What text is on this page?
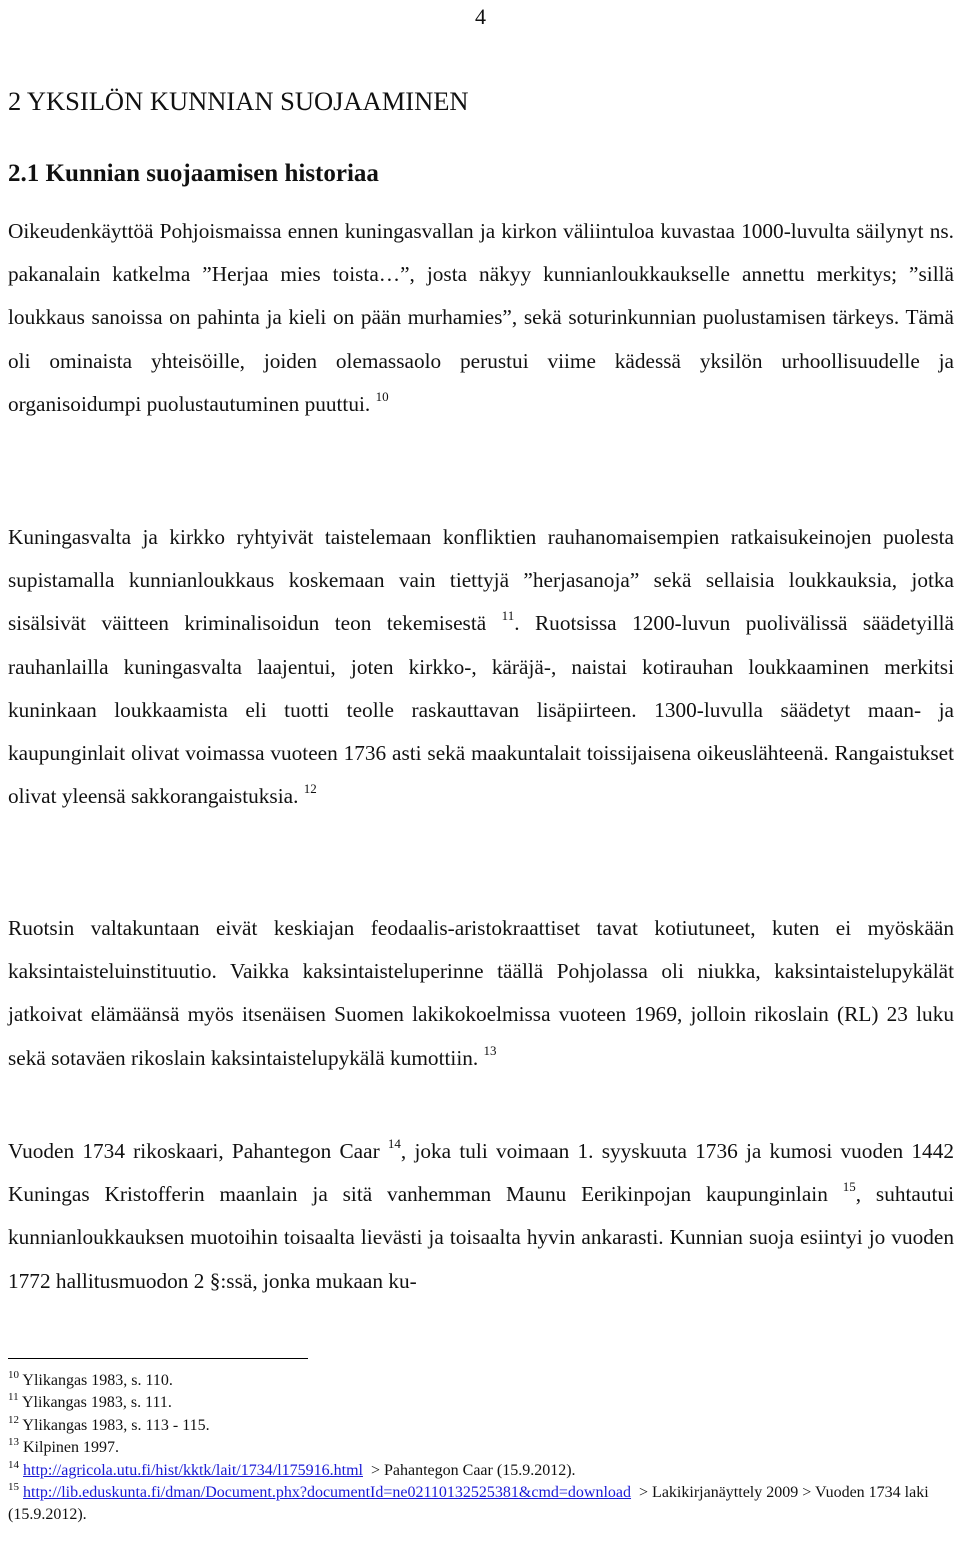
4
2 YKSILÖN KUNNIAN SUOJAAMINEN
2.1 Kunnian suojaamisen historiaa

Oikeudenkäyttöä Pohjoismaissa ennen kuningasvallan ja kirkon väliintuloa kuvastaa 1000-luvulta säilynyt ns. pakanalain katkelma ”Herjaa mies toista…”, josta näkyy kunnianloukkaukselle annettu merkitys; ”sillä loukkaus sanoissa on pahinta ja kieli on pään murhamies”, sekä soturinkunnian puolustamisen tärkeys. Tämä oli ominaista yhteisöille, joiden olemassaolo perustui viime kädessä yksilön urhoollisuudelle ja organisoidumpi puolustautuminen puuttui. $^{10}$

Kuningasvalta ja kirkko ryhtyivät taistelemaan konfliktien rauhanomaisempien ratkaisukeinojen puolesta supistamalla kunnianloukkaus koskemaan vain tiettyjä ”herjasanoja” sekä sellaisia loukkauksia, jotka sisälsivät väitteen kriminalisoidun teon tekemisestä $^{11}$. Ruotsissa 1200-luvun puolivälissä säädetyillä rauhanlailla kuningasvalta laajentui, joten kirkko-, käräjä-, naistai kotirauhan loukkaaminen merkitsi kuninkaan loukkaamista eli tuotti teolle raskauttavan lisäpiirteen. 1300-luvulla säädetyt maan- ja kaupunginlait olivat voimassa vuoteen 1736 asti sekä maakuntalait toissijaisena oikeuslähteenä. Rangaistukset olivat yleensä sakkorangaistuksia. $^{12}$

Ruotsin valtakuntaan eivät keskiajan feodaalis-aristokraattiset tavat kotiutuneet, kuten ei myöskään kaksintaisteluinstituutio. Vaikka kaksintaisteluperinne täällä Pohjolassa oli niukka, kaksintaistelupykälät jatkoivat elämäänsä myös itsenäisen Suomen lakikokoelmissa vuoteen 1969, jolloin rikoslain (RL) 23 luku sekä sotaväen rikoslain kaksintaistelupykälä kumottiin. $^{13}$

Vuoden 1734 rikoskaari, Pahantegon Caar $^{14}$, joka tuli voimaan 1. syyskuuta 1736 ja kumosi vuoden 1442 Kuningas Kristofferin maanlain ja sitä vanhemman Maunu Eerikinpojan kaupunginlain $^{15}$, suhtautui kunnianloukkauksen muotoihin toisaalta lievästi ja toisaalta hyvin ankarasti. Kunnian suoja esiintyi jo vuoden 1772 hallitusmuodon 2 §:ssä, jonka mukaan ku-

$^{10}$ Ylikangas 1983, s. 110.
$^{11}$ Ylikangas 1983, s. 111.
$^{12}$ Ylikangas 1983, s. 113 - 115.
$^{13}$ Kilpinen 1997.
$^{14}$ http://agricola.utu.fi/hist/kktk/lait/1734/l175916.html > Pahantegon Caar (15.9.2012).
$^{15}$ http://lib.eduskunta.fi/dman/Document.phx?documentId=ne02110132525381&cmd=download > Lakikirjanäyttely 2009 > Vuoden 1734 laki (15.9.2012).
